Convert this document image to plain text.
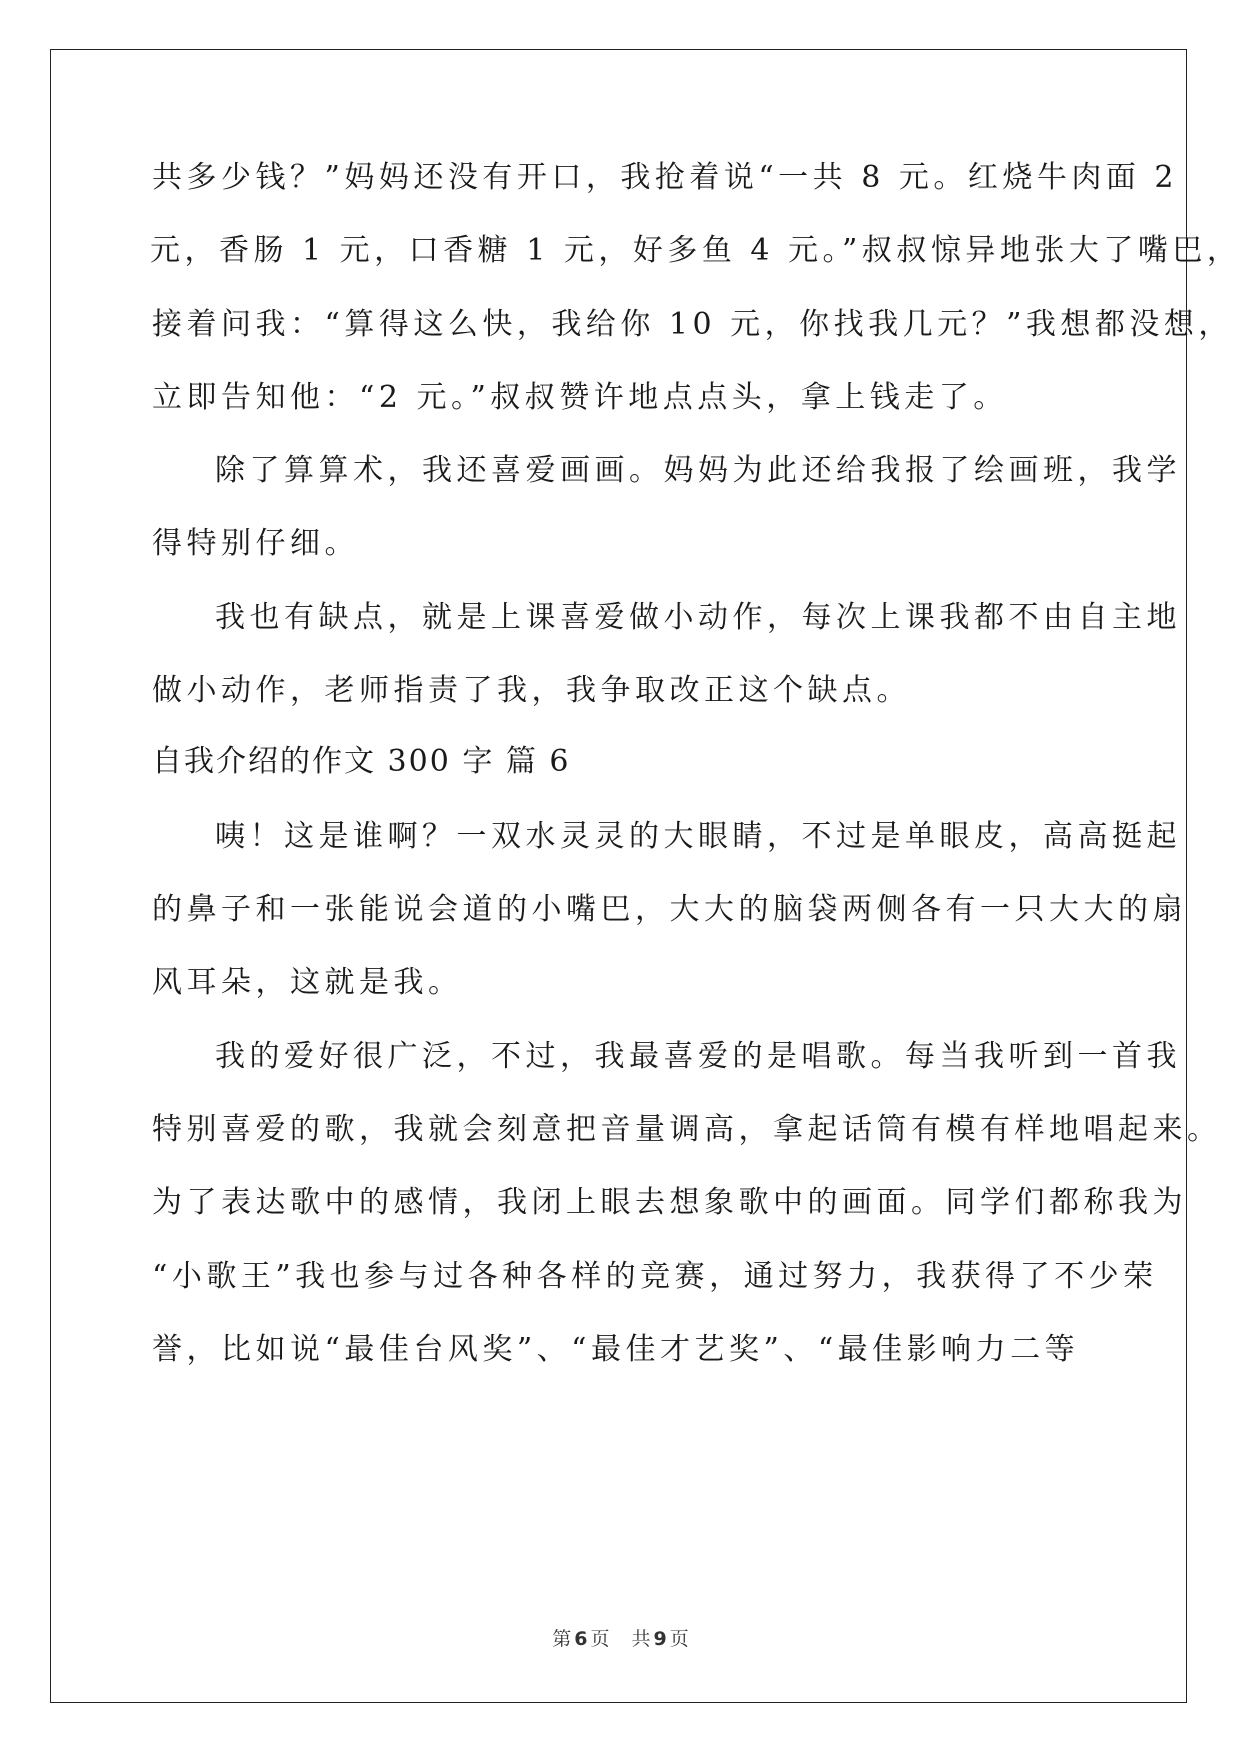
共多少钱？”妈妈还没有开口，我抢着说“一共 8 元。红烧牛肉面 2
元，香肠 1 元，口香糖 1 元，好多鱼 4 元。”叔叔惊异地张大了嘴巴，
接着问我：“算得这么快，我给你 10 元，你找我几元？”我想都没想，
立即告知他：“2 元。”叔叔赞许地点点头，拿上钱走了。
除了算算术，我还喜爱画画。妈妈为此还给我报了绘画班，我学
得特别仔细。
我也有缺点，就是上课喜爱做小动作，每次上课我都不由自主地
做小动作，老师指责了我，我争取改正这个缺点。
自我介绍的作文 300 字 篇 6
咦！这是谁啊？一双水灵灵的大眼睛，不过是单眼皮，高高挺起
的鼻子和一张能说会道的小嘴巴，大大的脑袋两侧各有一只大大的扇
风耳朵，这就是我。
我的爱好很广泛，不过，我最喜爱的是唱歌。每当我听到一首我
特别喜爱的歌，我就会刻意把音量调高，拿起话筒有模有样地唱起来。
为了表达歌中的感情，我闭上眼去想象歌中的画面。同学们都称我为
“小歌王”我也参与过各种各样的竞赛，通过努力，我获得了不少荣
誉，比如说“最佳台风奖”、“最佳才艺奖”、“最佳影响力二等
第 6 页 共 9 页
